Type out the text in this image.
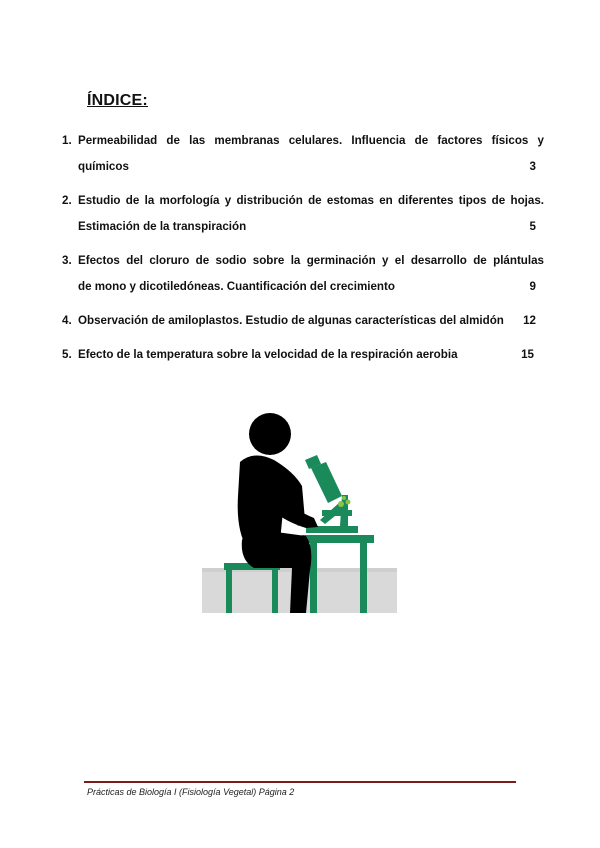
ÍNDICE:
1. Permeabilidad de las membranas celulares. Influencia de factores físicos y
químicos	3
2. Estudio de la morfología y distribución de estomas en diferentes tipos de hojas.
Estimación de la transpiración	5
3. Efectos del cloruro de sodio sobre la germinación y el desarrollo de plántulas
de mono y dicotiledóneas. Cuantificación del crecimiento	9
4. Observación de amiloplastos. Estudio de algunas características del almidón	12
5. Efecto de la temperatura sobre la velocidad de la respiración aerobia	15
Prácticas de Biología I (Fisiología Vegetal) Página 2
